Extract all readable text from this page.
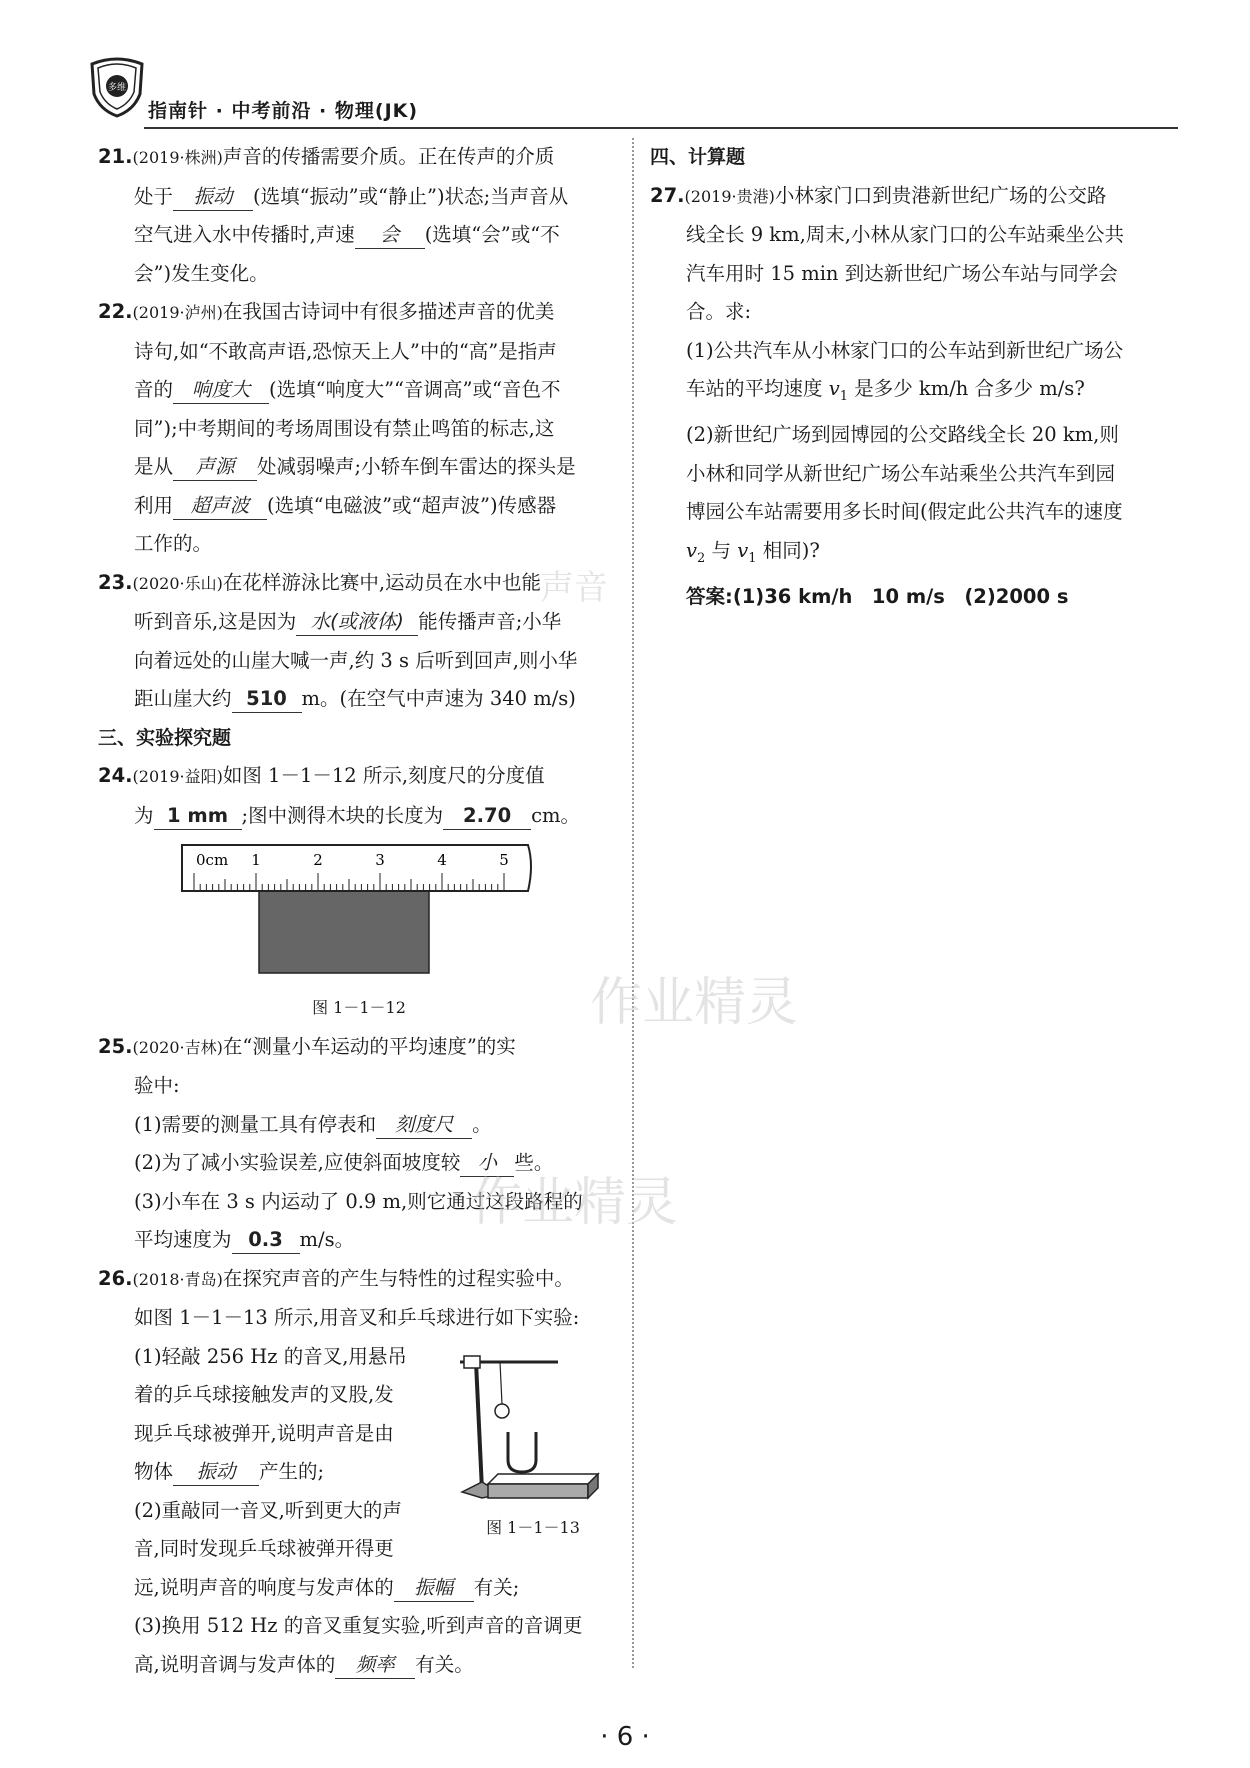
多维
指南针 · 中考前沿 · 物理(JK)
21.(2019·株洲)声音的传播需要介质。正在传声的介质
处于 振动 (选填“振动”或“静止”)状态;当声音从
空气进入水中传播时,声速 会 (选填“会”或“不
会”)发生变化。
22.(2019·泸州)在我国古诗词中有很多描述声音的优美
诗句,如“不敢高声语,恐惊天上人”中的“高”是指声
音的 响度大 (选填“响度大”“音调高”或“音色不
同”);中考期间的考场周围设有禁止鸣笛的标志,这
是从 声源 处减弱噪声;小轿车倒车雷达的探头是
利用 超声波 (选填“电磁波”或“超声波”)传感器
工作的。
23.(2020·乐山)在花样游泳比赛中,运动员在水中也能
听到音乐,这是因为 水(或液体) 能传播声音;小华
向着远处的山崖大喊一声,约 3 s 后听到回声,则小华
距山崖大约 510 m。(在空气中声速为 340 m/s)
三、实验探究题
24.(2019·益阳)如图 1－1－12 所示,刻度尺的分度值
为 1 mm ;图中测得木块的长度为 2.70 cm。
0cm 1	2	3	4	5
图 1－1－12
25.(2020·吉林)在“测量小车运动的平均速度”的实
验中:
(1)需要的测量工具有停表和 刻度尺 。
(2)为了减小实验误差,应使斜面坡度较 小 些。
(3)小车在 3 s 内运动了 0.9 m,则它通过这段路程的
平均速度为 0.3 m/s。
26.(2018·青岛)在探究声音的产生与特性的过程实验中。
如图 1－1－13 所示,用音叉和乒乓球进行如下实验:
(1)轻敲 256 Hz 的音叉,用悬吊
着的乒乓球接触发声的叉股,发
现乒乓球被弹开,说明声音是由
物体 振动 产生的;
(2)重敲同一音叉,听到更大的声
音,同时发现乒乓球被弹开得更
远,说明声音的响度与发声体的 振幅 有关;
(3)换用 512 Hz 的音叉重复实验,听到声音的音调更
高,说明音调与发声体的 频率 有关。
图 1－1－13
四、计算题
27.(2019·贵港)小林家门口到贵港新世纪广场的公交路
线全长 9 km,周末,小林从家门口的公车站乘坐公共
汽车用时 15 min 到达新世纪广场公车站与同学会
合。求:
(1)公共汽车从小林家门口的公车站到新世纪广场公
车站的平均速度 $v_1$ 是多少 km/h 合多少 m/s?
(2)新世纪广场到园博园的公交路线全长 20 km,则
小林和同学从新世纪广场公车站乘坐公共汽车到园
博园公车站需要用多长时间(假定此公共汽车的速度
$v_2$ 与 $v_1$ 相同)?
答案:(1)36 km/h　10 m/s　(2)2000 s
作业精灵
作业精灵
声音
· 6 ·
